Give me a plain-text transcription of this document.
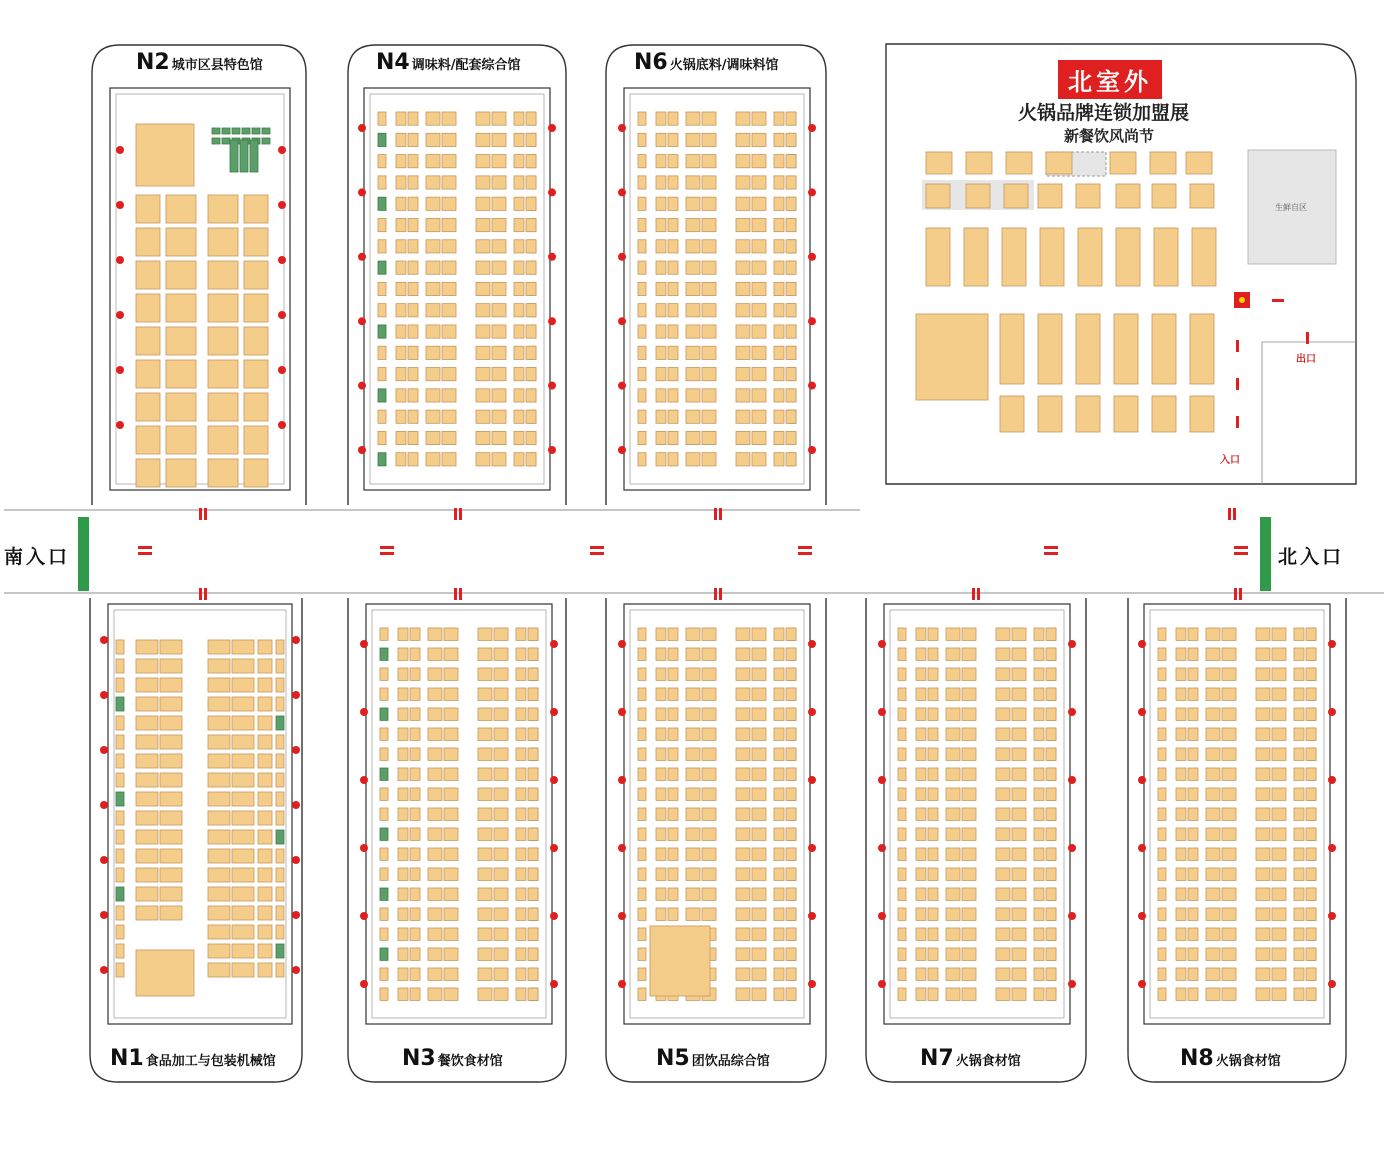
N2 城市区县特色馆	N4 调味料/配套综合馆	N6 火锅底料/调味料馆
N1 食品加工与包装机械馆	N3 餐饮食材馆	N5 团饮品综合馆	N7 火锅食材馆	N8 火锅食材馆
南入口	北入口
北室外
火锅品牌连锁加盟展
新餐饮风尚节
生鲜自区
出口
入口
